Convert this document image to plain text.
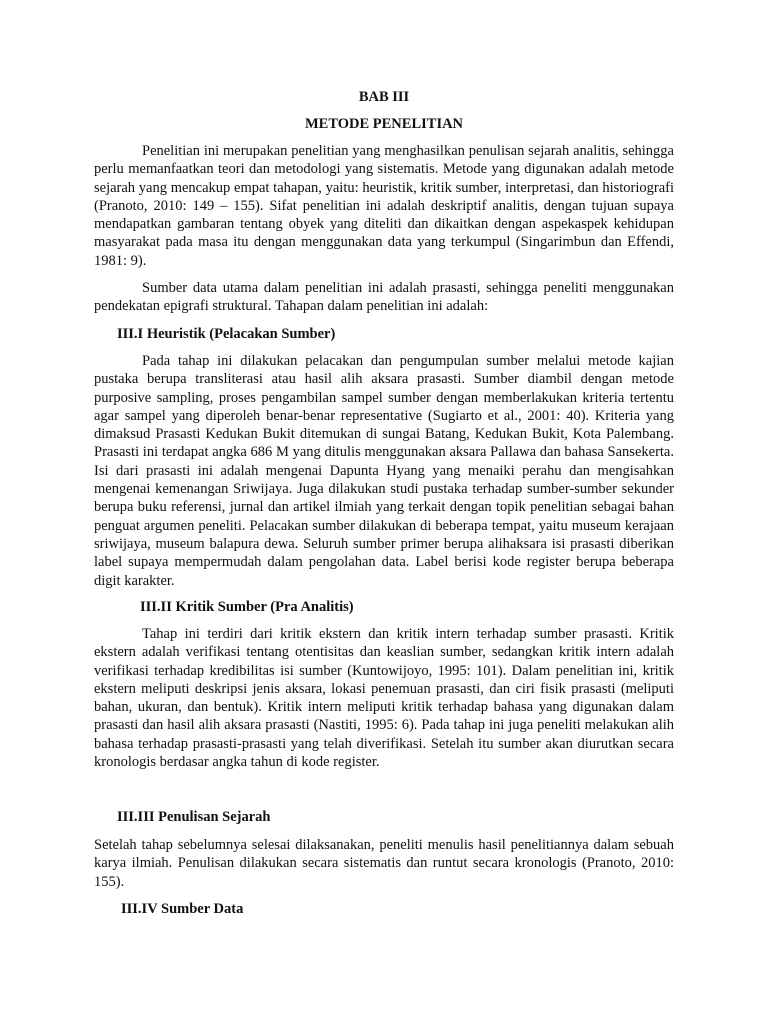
BAB III
METODE PENELITIAN

Penelitian ini merupakan penelitian yang menghasilkan penulisan sejarah analitis, sehingga perlu memanfaatkan teori dan metodologi yang sistematis. Metode yang digunakan adalah metode sejarah yang mencakup empat tahapan, yaitu: heuristik, kritik sumber, interpretasi, dan historiografi (Pranoto, 2010: 149 – 155). Sifat penelitian ini adalah deskriptif analitis, dengan tujuan supaya mendapatkan gambaran tentang obyek yang diteliti dan dikaitkan dengan aspekaspek kehidupan masyarakat pada masa itu dengan menggunakan data yang terkumpul (Singarimbun dan Effendi, 1981: 9).

Sumber data utama dalam penelitian ini adalah prasasti, sehingga peneliti menggunakan pendekatan epigrafi struktural. Tahapan dalam penelitian ini adalah:

III.I Heuristik (Pelacakan Sumber)

Pada tahap ini dilakukan pelacakan dan pengumpulan sumber melalui metode kajian pustaka berupa transliterasi atau hasil alih aksara prasasti. Sumber diambil dengan metode purposive sampling, proses pengambilan sampel sumber dengan memberlakukan kriteria tertentu agar sampel yang diperoleh benar-benar representative (Sugiarto et al., 2001: 40). Kriteria yang dimaksud Prasasti Kedukan Bukit ditemukan di sungai Batang, Kedukan Bukit, Kota Palembang. Prasasti ini terdapat angka 686 M yang ditulis menggunakan aksara Pallawa dan bahasa Sansekerta. Isi dari prasasti ini adalah mengenai Dapunta Hyang yang menaiki perahu dan mengisahkan mengenai kemenangan Sriwijaya. Juga dilakukan studi pustaka terhadap sumber-sumber sekunder berupa buku referensi, jurnal dan artikel ilmiah yang terkait dengan topik penelitian sebagai bahan penguat argumen peneliti. Pelacakan sumber dilakukan di beberapa tempat, yaitu museum kerajaan sriwijaya, museum balapura dewa. Seluruh sumber primer berupa alihaksara isi prasasti diberikan label supaya mempermudah dalam pengolahan data. Label berisi kode register berupa beberapa digit karakter.

III.II Kritik Sumber (Pra Analitis)

Tahap ini terdiri dari kritik ekstern dan kritik intern terhadap sumber prasasti. Kritik ekstern adalah verifikasi tentang otentisitas dan keaslian sumber, sedangkan kritik intern adalah verifikasi terhadap kredibilitas isi sumber (Kuntowijoyo, 1995: 101). Dalam penelitian ini, kritik ekstern meliputi deskripsi jenis aksara, lokasi penemuan prasasti, dan ciri fisik prasasti (meliputi bahan, ukuran, dan bentuk). Kritik intern meliputi kritik terhadap bahasa yang digunakan dalam prasasti dan hasil alih aksara prasasti (Nastiti, 1995: 6). Pada tahap ini juga peneliti melakukan alih bahasa terhadap prasasti-prasasti yang telah diverifikasi. Setelah itu sumber akan diurutkan secara kronologis berdasar angka tahun di kode register.

III.III Penulisan Sejarah

Setelah tahap sebelumnya selesai dilaksanakan, peneliti menulis hasil penelitiannya dalam sebuah karya ilmiah. Penulisan dilakukan secara sistematis dan runtut secara kronologis (Pranoto, 2010: 155).

III.IV Sumber Data
